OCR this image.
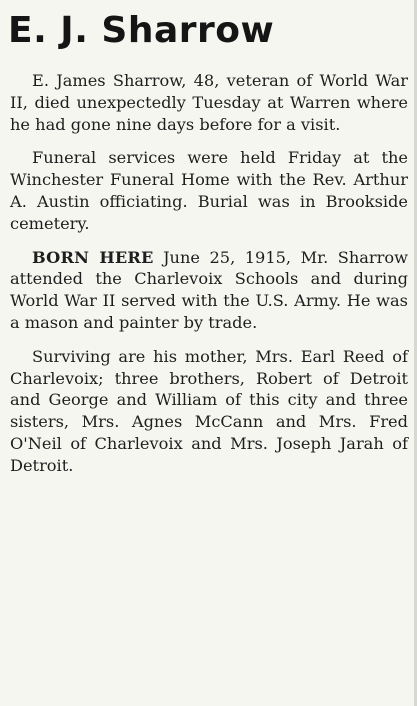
E. J. Sharrow

E. James Sharrow, 48, veteran of World War II, died unexpectedly Tuesday at Warren where he had gone nine days before for a visit.

Funeral services were held Friday at the Winchester Funeral Home with the Rev. Arthur A. Austin officiating. Burial was in Brookside cemetery.

BORN HERE June 25, 1915, Mr. Sharrow attended the Charlevoix Schools and during World War II served with the U.S. Army. He was a mason and painter by trade.

Surviving are his mother, Mrs. Earl Reed of Charlevoix; three brothers, Robert of Detroit and George and William of this city and three sisters, Mrs. Agnes McCann and Mrs. Fred O'Neil of Charlevoix and Mrs. Joseph Jarah of Detroit.
